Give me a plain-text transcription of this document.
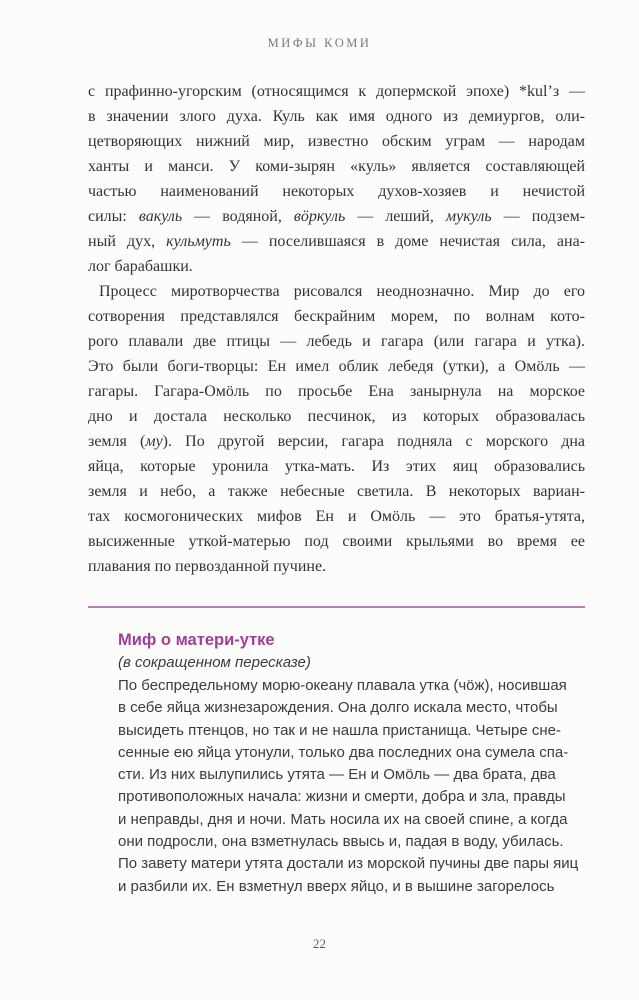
МИФЫ КОМИ
с прафинно-угорским (относящимся к допермской эпохе) *kul’з —
в значении злого духа. Куль как имя одного из демиургов, оли-
цетворяющих нижний мир, известно обским уграм — народам
ханты и манси. У коми-зырян «куль» является составляющей
частью наименований некоторых духов-хозяев и нечистой
силы: вакуль — водяной, вöркуль — леший, мукуль — подзем-
ный дух, кульмуть — поселившаяся в доме нечистая сила, ана-
лог барабашки.
Процесс миротворчества рисовался неоднозначно. Мир до его
сотворения представлялся бескрайним морем, по волнам кото-
рого плавали две птицы — лебедь и гагара (или гагара и утка).
Это были боги-творцы: Ен имел облик лебедя (утки), а Омöль —
гагары. Гагара-Омöль по просьбе Ена занырнула на морское
дно и достала несколько песчинок, из которых образовалась
земля (му). По другой версии, гагара подняла с морского дна
яйца, которые уронила утка-мать. Из этих яиц образовались
земля и небо, а также небесные светила. В некоторых вариан-
тах космогонических мифов Ен и Омöль — это братья-утята,
высиженные уткой-матерью под своими крыльями во время ее
плавания по первозданной пучине.
Миф о матери-утке
(в сокращенном пересказе)
По беспредельному морю-океану плавала утка (чöж), носившая
в себе яйца жизнезарождения. Она долго искала место, чтобы
высидеть птенцов, но так и не нашла пристанища. Четыре сне-
сенные ею яйца утонули, только два последних она сумела спа-
сти. Из них вылупились утята — Ен и Омöль — два брата, два
противоположных начала: жизни и смерти, добра и зла, правды
и неправды, дня и ночи. Мать носила их на своей спине, а когда
они подросли, она взметнулась ввысь и, падая в воду, убилась.
По завету матери утята достали из морской пучины две пары яиц
и разбили их. Ен взметнул вверх яйцо, и в вышине загорелось
22
